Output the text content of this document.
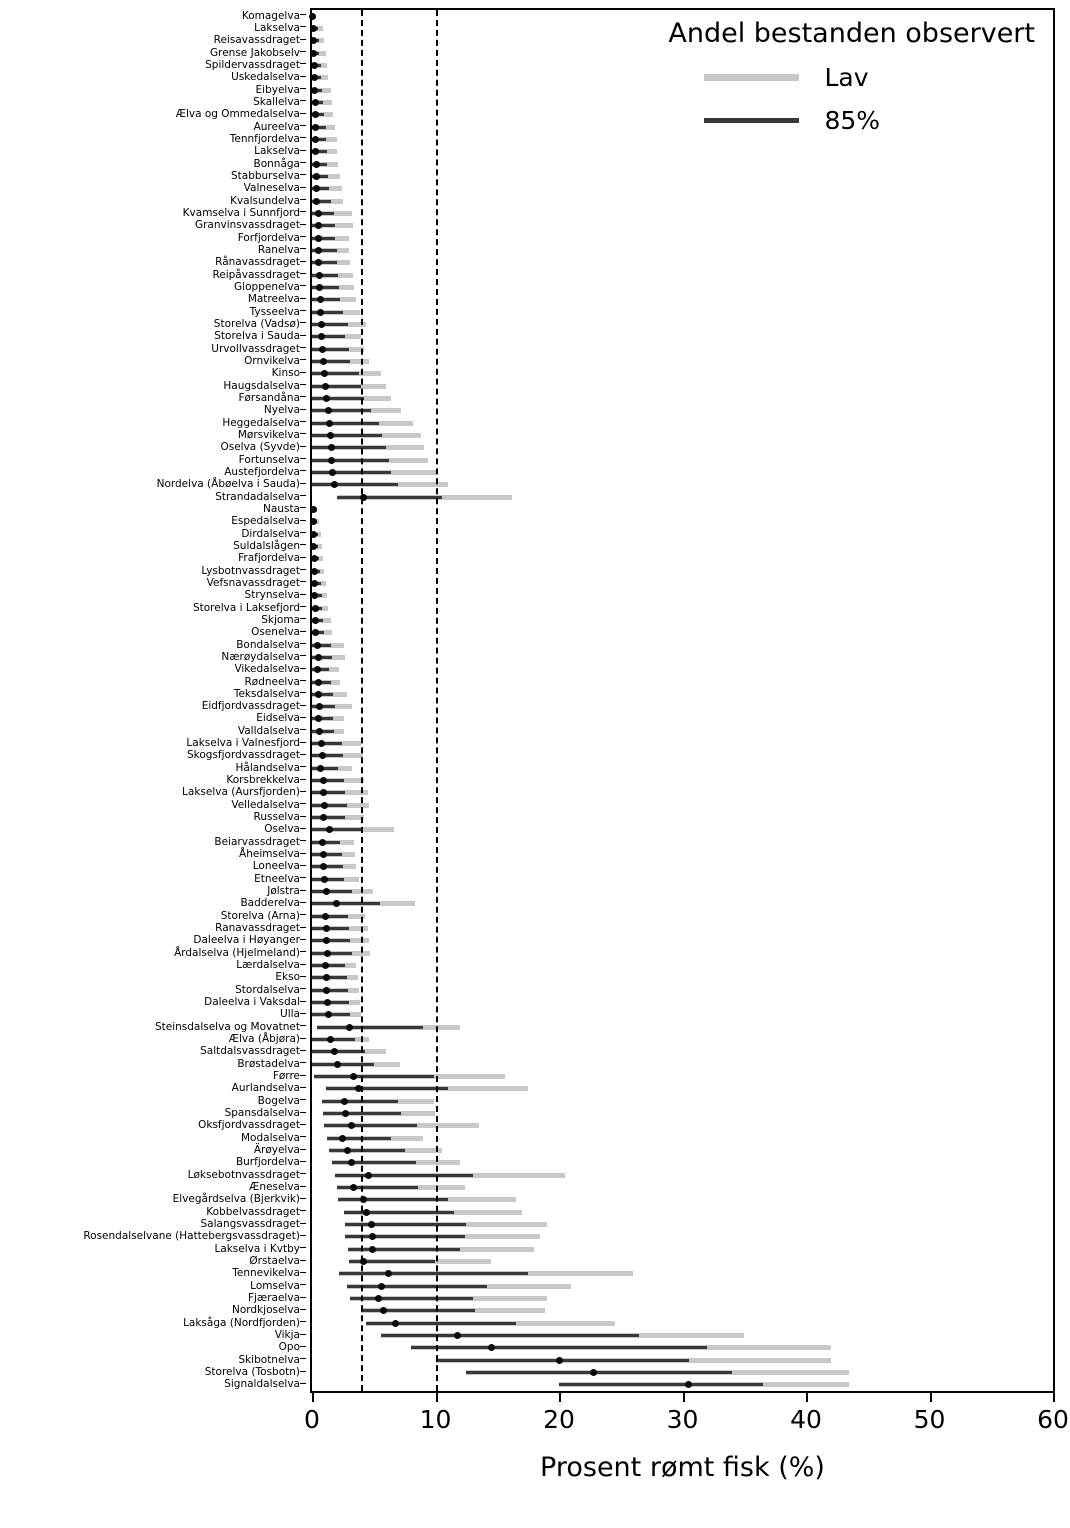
Komagelva
Lakselva
Reisavassdraget
Grense Jakobselv
Spildervassdraget
Uskedalselva
Eibyelva
Skallelva
Ælva og Ommedalselva
Aureelva
Tennfjordelva
Lakselva
Bonnåga
Stabburselva
Valneselva
Kvalsundelva
Kvamselva i Sunnfjord
Granvinsvassdraget
Forfjordelva
Ranelva
Rånavassdraget
Reipåvassdraget
Gloppenelva
Matreelva
Tysseelva
Storelva (Vadsø)
Storelva i Sauda
Urvollvassdraget
Ornvikelva
Kinso
Haugsdalselva
Førsandåna
Nyelva
Heggedalselva
Mørsvikelva
Oselva (Syvde)
Fortunselva
Austefjordelva
Nordelva (Åbøelva i Sauda)
Strandadalselva
Nausta
Espedalselva
Dirdalselva
Suldalslågen
Frafjordelva
Lysbotnvassdraget
Vefsnavassdraget
Strynselva
Storelva i Laksefjord
Skjoma
Osenelva
Bondalselva
Nærøydalselva
Vikedalselva
Rødneelva
Teksdalselva
Eidfjordvassdraget
Eidselva
Valldalselva
Lakselva i Valnesfjord
Skogsfjordvassdraget
Hålandselva
Korsbrekkelva
Lakselva (Aursfjorden)
Velledalselva
Russelva
Oselva
Beiarvassdraget
Åheimselva
Loneelva
Etneelva
Jølstra
Badderelva
Storelva (Arna)
Ranavassdraget
Daleelva i Høyanger
Årdalselva (Hjelmeland)
Lærdalselva
Ekso
Stordalselva
Daleelva i Vaksdal
Ulla
Steinsdalselva og Movatnet
Ælva (Åbjøra)
Saltdalsvassdraget
Brøstadelva
Førre
Aurlandselva
Bogelva
Spansdalselva
Oksfjordvassdraget
Modalselva
Ärøyelva
Burfjordelva
Løksebotnvassdraget
Æneselva
Elvegårdselva (Bjerkvik)
Kobbelvassdraget
Salangsvassdraget
Rosendalselvane (Hattebergsvassdraget)
Lakselva i Kvtby
Ørstaelva
Tennevikelva
Lomselva
Fjæraelva
Nordkjoselva
Laksåga (Nordfjorden)
Vikja
Opo
Skibotnelva
Storelva (Tosbotn)
Signaldalselva
Andel bestanden observert
Lav
85%
0	10	20	30	40	50	60
Prosent rømt fisk (%)
